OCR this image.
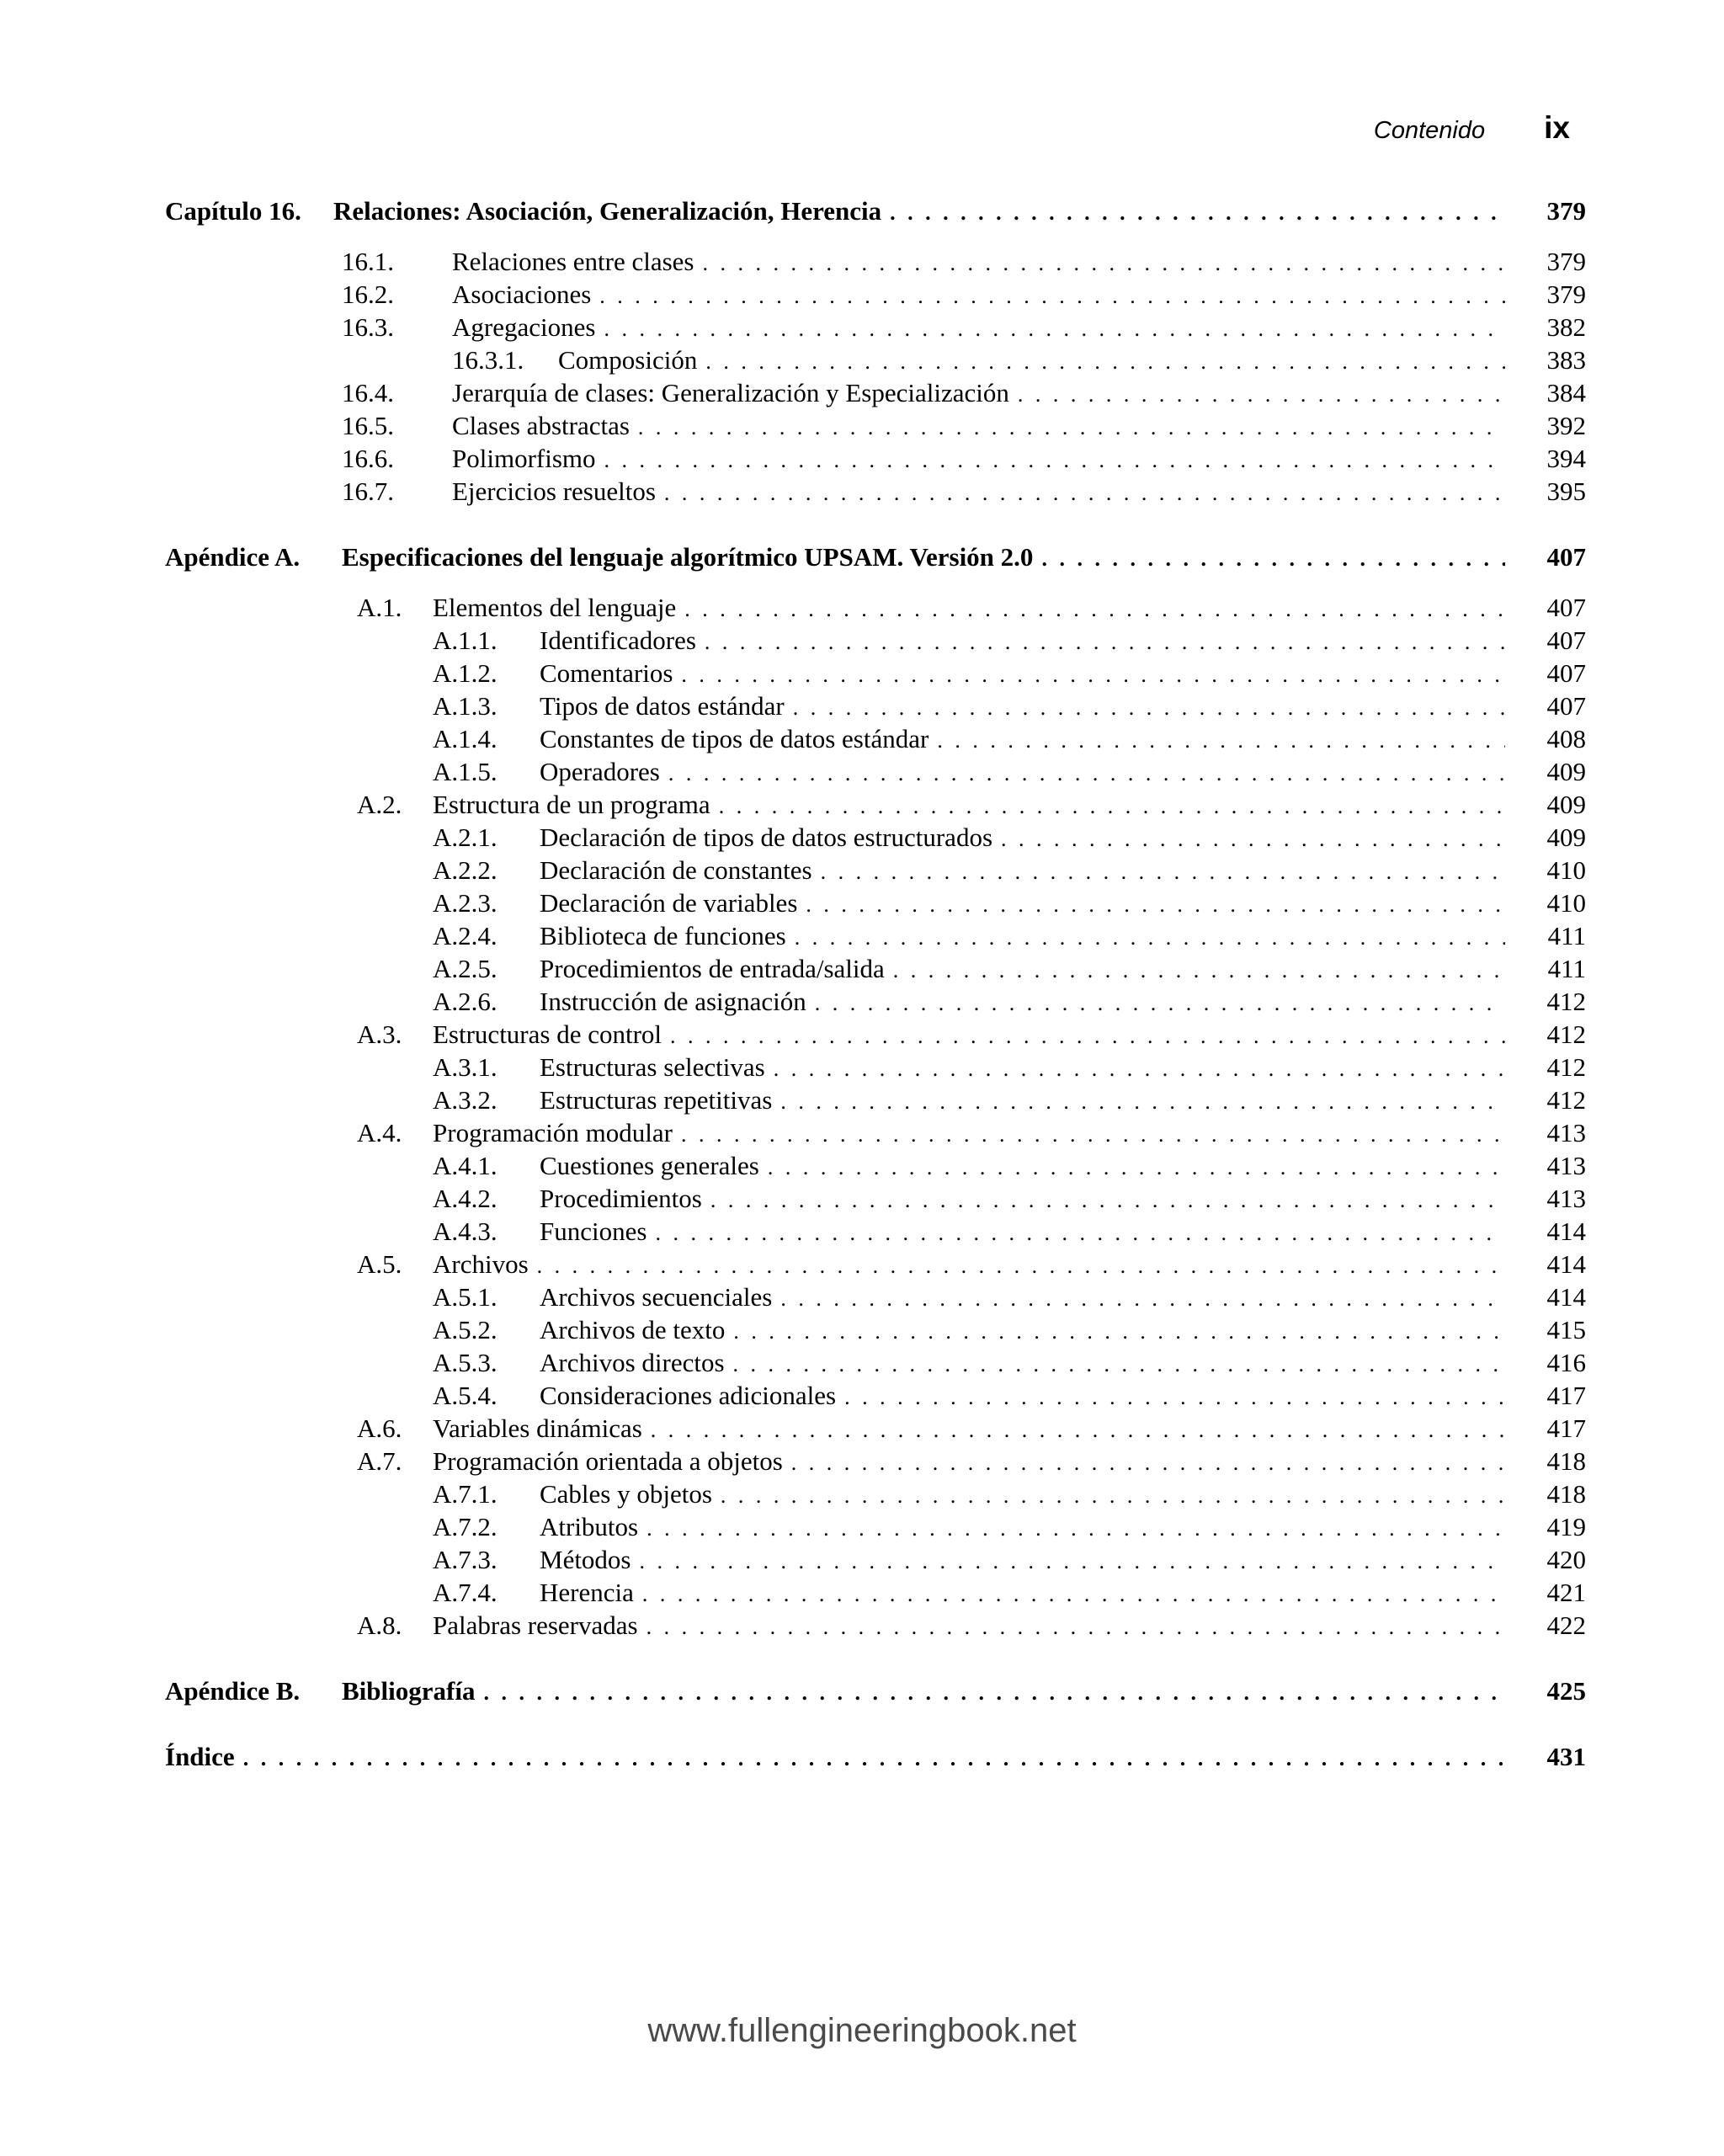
Contenido ix
Capítulo 16.	Relaciones: Asociación, Generalización, Herencia . . .	379
16.1.	Relaciones entre clases . . .	379
16.2.	Asociaciones . . .	379
16.3.	Agregaciones . . .	382
16.3.1.	Composición . . .	383
16.4.	Jerarquía de clases: Generalización y Especialización . . .	384
16.5.	Clases abstractas . . .	392
16.6.	Polimorfismo . . .	394
16.7.	Ejercicios resueltos . . .	395
Apéndice A.	Especificaciones del lenguaje algorítmico UPSAM. Versión 2.0 . . .	407
A.1.	Elementos del lenguaje . . .	407
A.1.1.	Identificadores . . .	407
A.1.2.	Comentarios . . .	407
A.1.3.	Tipos de datos estándar . . .	407
A.1.4.	Constantes de tipos de datos estándar . . .	408
A.1.5.	Operadores . . .	409
A.2.	Estructura de un programa . . .	409
A.2.1.	Declaración de tipos de datos estructurados . . .	409
A.2.2.	Declaración de constantes . . .	410
A.2.3.	Declaración de variables . . .	410
A.2.4.	Biblioteca de funciones . . .	411
A.2.5.	Procedimientos de entrada/salida . . .	411
A.2.6.	Instrucción de asignación . . .	412
A.3.	Estructuras de control . . .	412
A.3.1.	Estructuras selectivas . . .	412
A.3.2.	Estructuras repetitivas . . .	412
A.4.	Programación modular . . .	413
A.4.1.	Cuestiones generales . . .	413
A.4.2.	Procedimientos . . .	413
A.4.3.	Funciones . . .	414
A.5.	Archivos . . .	414
A.5.1.	Archivos secuenciales . . .	414
A.5.2.	Archivos de texto . . .	415
A.5.3.	Archivos directos . . .	416
A.5.4.	Consideraciones adicionales . . .	417
A.6.	Variables dinámicas . . .	417
A.7.	Programación orientada a objetos . . .	418
A.7.1.	Cables y objetos . . .	418
A.7.2.	Atributos . . .	419
A.7.3.	Métodos . . .	420
A.7.4.	Herencia . . .	421
A.8.	Palabras reservadas . . .	422
Apéndice B.	Bibliografía . . .	425
Índice . . .	431
www.fullengineeringbook.net
